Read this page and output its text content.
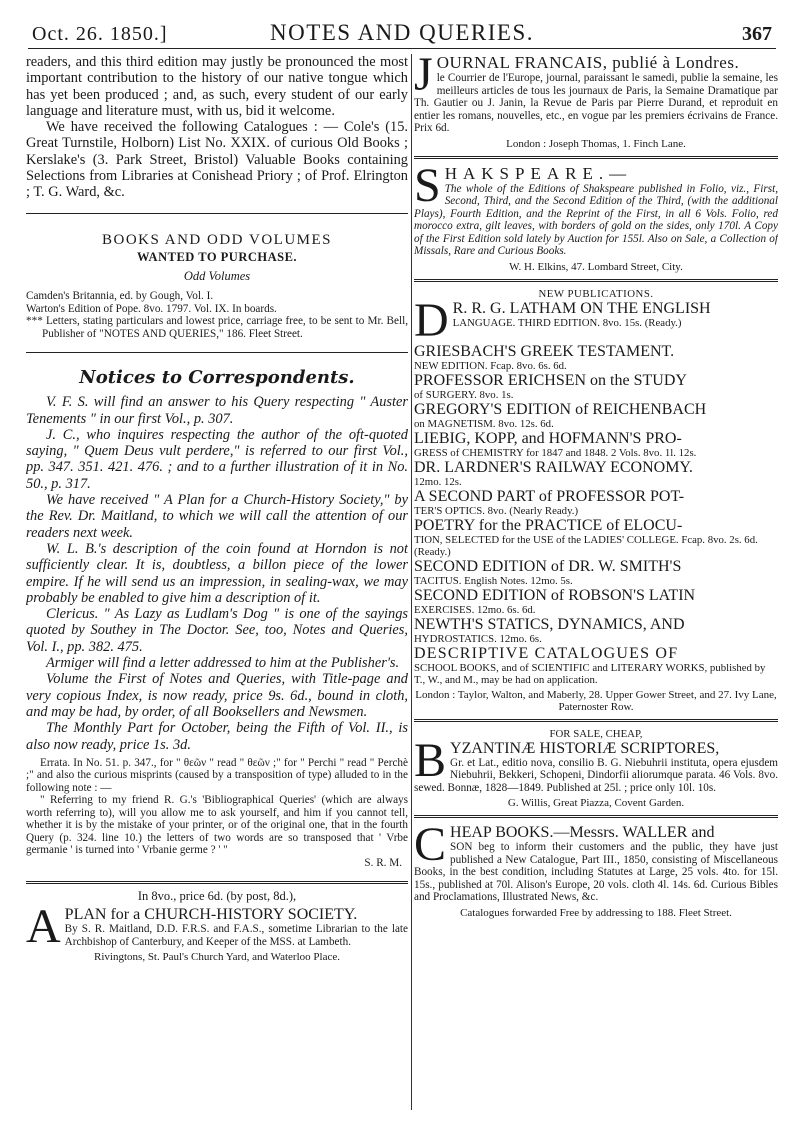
Oct. 26. 1850.]	NOTES AND QUERIES.	367

readers, and this third edition may justly be pronounced the most important contribution to the history of our native tongue which has yet been produced ; and, as such, every student of our early language and literature must, with us, bid it welcome.

We have received the following Catalogues : — Cole's (15. Great Turnstile, Holborn) List No. XXIX. of curious Old Books ; Kerslake's (3. Park Street, Bristol) Valuable Books containing Selections from Libraries at Conishead Priory ; of Prof. Elrington ; T. G. Ward, &c.

BOOKS AND ODD VOLUMES
WANTED TO PURCHASE.
Odd Volumes

Camden's Britannia, ed. by Gough, Vol. I.

Warton's Edition of Pope. 8vo. 1797. Vol. IX. In boards.

*** Letters, stating particulars and lowest price, carriage free, to be sent to Mr. Bell, Publisher of "NOTES AND QUERIES," 186. Fleet Street.

Notices to Correspondents.

V. F. S. will find an answer to his Query respecting " Auster Tenements " in our first Vol., p. 307.

J. C., who inquires respecting the author of the oft-quoted saying, " Quem Deus vult perdere," is referred to our first Vol., pp. 347. 351. 421. 476. ; and to a further illustration of it in No. 50., p. 317.

We have received " A Plan for a Church-History Society," by the Rev. Dr. Maitland, to which we will call the attention of our readers next week.

W. L. B.'s description of the coin found at Horndon is not sufficiently clear. It is, doubtless, a billon piece of the lower empire. If he will send us an impression, in sealing-wax, we may probably be enabled to give him a description of it.

Clericus. " As Lazy as Ludlam's Dog " is one of the sayings quoted by Southey in The Doctor. See, too, Notes and Queries, Vol. I., pp. 382. 475.

Armiger will find a letter addressed to him at the Publisher's.

Volume the First of Notes and Queries, with Title-page and very copious Index, is now ready, price 9s. 6d., bound in cloth, and may be had, by order, of all Booksellers and Newsmen.

The Monthly Part for October, being the Fifth of Vol. II., is also now ready, price 1s. 3d.

Errata. In No. 51. p. 347., for " θεῶν " read " θεῶν ;" for " Perchi " read " Perchè ;" and also the curious misprints (caused by a transposition of type) alluded to in the following note : —

" Referring to my friend R. G.'s 'Bibliographical Queries' (which are always worth referring to), will you allow me to ask yourself, and him if you cannot tell, whether it is by the mistake of your printer, or of the original one, that in the fourth Query (p. 324. line 10.) the letters of two words are so transposed that ' Vrbe germanie ' is turned into ' Vrbanie germe ? ' "

S. R. M.

In 8vo., price 6d. (by post, 8d.),
A PLAN for a CHURCH-HISTORY SOCIETY.
By S. R. Maitland, D.D. F.R.S. and F.A.S., sometime Librarian to the late Archbishop of Canterbury, and Keeper of the MSS. at Lambeth.
Rivingtons, St. Paul's Church Yard, and Waterloo Place.
J OURNAL FRANCAIS, publié à Londres.
le Courrier de l'Europe, journal, paraissant le samedi, publie la semaine, les meilleurs articles de tous les journaux de Paris, la Semaine Dramatique par Th. Gautier ou J. Janin, la Revue de Paris par Pierre Durand, et reproduit en entier les romans, nouvelles, etc., en vogue par les premiers écrivains de France. Prix 6d.
London : Joseph Thomas, 1. Finch Lane.
S HAKSPEARE.—
The whole of the Editions of Shakspeare published in Folio, viz., First, Second, Third, and the Second Edition of the Third, (with the additional Plays), Fourth Edition, and the Reprint of the First, in all 6 Vols. Folio, red morocco extra, gilt leaves, with borders of gold on the sides, only 170l. A Copy of the First Edition sold lately by Auction for 155l. Also on Sale, a Collection of Missals, Rare and Curious Books.
W. H. Elkins, 47. Lombard Street, City.
NEW PUBLICATIONS.
D R. R. G. LATHAM ON THE ENGLISH
LANGUAGE. THIRD EDITION. 8vo. 15s. (Ready.)
GRIESBACH'S GREEK TESTAMENT.
NEW EDITION. Fcap. 8vo. 6s. 6d.
PROFESSOR ERICHSEN on the STUDY
of SURGERY. 8vo. 1s.
GREGORY'S EDITION of REICHENBACH
on MAGNETISM. 8vo. 12s. 6d.
LIEBIG, KOPP, and HOFMANN'S PRO-
GRESS of CHEMISTRY for 1847 and 1848. 2 Vols. 8vo. 1l. 12s.
DR. LARDNER'S RAILWAY ECONOMY.
12mo. 12s.
A SECOND PART of PROFESSOR POT-
TER'S OPTICS. 8vo. (Nearly Ready.)
POETRY for the PRACTICE of ELOCU-
TION, SELECTED for the USE of the LADIES' COLLEGE. Fcap. 8vo. 2s. 6d. (Ready.)
SECOND EDITION of DR. W. SMITH'S
TACITUS. English Notes. 12mo. 5s.
SECOND EDITION of ROBSON'S LATIN
EXERCISES. 12mo. 6s. 6d.
NEWTH'S STATICS, DYNAMICS, AND
HYDROSTATICS. 12mo. 6s.
DESCRIPTIVE CATALOGUES OF
SCHOOL BOOKS, and of SCIENTIFIC and LITERARY WORKS, published by T., W., and M., may be had on application.
London : Taylor, Walton, and Maberly, 28. Upper Gower Street, and 27. Ivy Lane, Paternoster Row.
FOR SALE, CHEAP,
B YZANTINÆ HISTORIÆ SCRIPTORES,
Gr. et Lat., editio nova, consilio B. G. Niebuhrii instituta, opera ejusdem Niebuhrii, Bekkeri, Schopeni, Dindorfii aliorumque parata. 46 Vols. 8vo. sewed. Bonnæ, 1828—1849. Published at 25l. ; price only 10l. 10s.
G. Willis, Great Piazza, Covent Garden.
C HEAP BOOKS.—Messrs. WALLER and
SON beg to inform their customers and the public, they have just published a New Catalogue, Part III., 1850, consisting of Miscellaneous Books, in the best condition, including Statutes at Large, 25 vols. 4to. for 15l. 15s., published at 70l. Alison's Europe, 20 vols. cloth 4l. 14s. 6d. Curious Bibles and Proclamations, Illustrated News, &c.
Catalogues forwarded Free by addressing to 188. Fleet Street.
